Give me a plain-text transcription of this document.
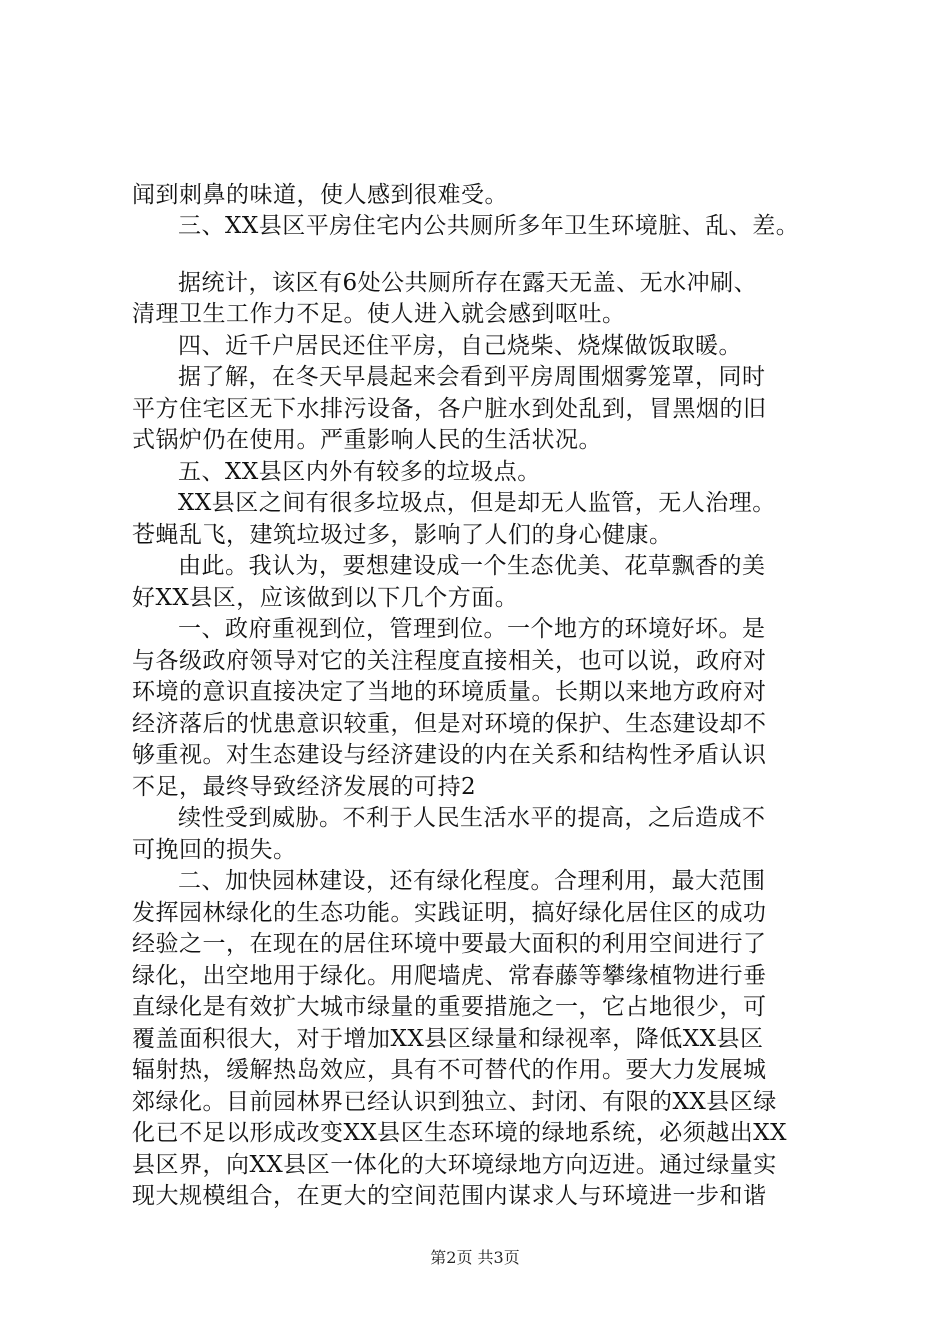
闻到刺鼻的味道，使人感到很难受。
三、XX县区平房住宅内公共厕所多年卫生环境脏、乱、差。
据统计，该区有6处公共厕所存在露天无盖、无水冲刷、
清理卫生工作力不足。使人进入就会感到呕吐。
四、近千户居民还住平房，自己烧柴、烧煤做饭取暖。
据了解，在冬天早晨起来会看到平房周围烟雾笼罩，同时
平方住宅区无下水排污设备，各户脏水到处乱到，冒黑烟的旧
式锅炉仍在使用。严重影响人民的生活状况。
五、XX县区内外有较多的垃圾点。
XX县区之间有很多垃圾点，但是却无人监管，无人治理。
苍蝇乱飞，建筑垃圾过多，影响了人们的身心健康。
由此。我认为，要想建设成一个生态优美、花草飘香的美
好XX县区，应该做到以下几个方面。
一、政府重视到位，管理到位。一个地方的环境好坏。是
与各级政府领导对它的关注程度直接相关，也可以说，政府对
环境的意识直接决定了当地的环境质量。长期以来地方政府对
经济落后的忧患意识较重，但是对环境的保护、生态建设却不
够重视。对生态建设与经济建设的内在关系和结构性矛盾认识
不足，最终导致经济发展的可持2
续性受到威胁。不利于人民生活水平的提高，之后造成不
可挽回的损失。
二、加快园林建设，还有绿化程度。合理利用，最大范围
发挥园林绿化的生态功能。实践证明，搞好绿化居住区的成功
经验之一，在现在的居住环境中要最大面积的利用空间进行了
绿化，出空地用于绿化。用爬墙虎、常春藤等攀缘植物进行垂
直绿化是有效扩大城市绿量的重要措施之一，它占地很少，可
覆盖面积很大，对于增加XX县区绿量和绿视率，降低XX县区
辐射热，缓解热岛效应，具有不可替代的作用。要大力发展城
郊绿化。目前园林界已经认识到独立、封闭、有限的XX县区绿
化已不足以形成改变XX县区生态环境的绿地系统，必须越出XX
县区界，向XX县区一体化的大环境绿地方向迈进。通过绿量实
现大规模组合，在更大的空间范围内谋求人与环境进一步和谐
第2页 共3页
